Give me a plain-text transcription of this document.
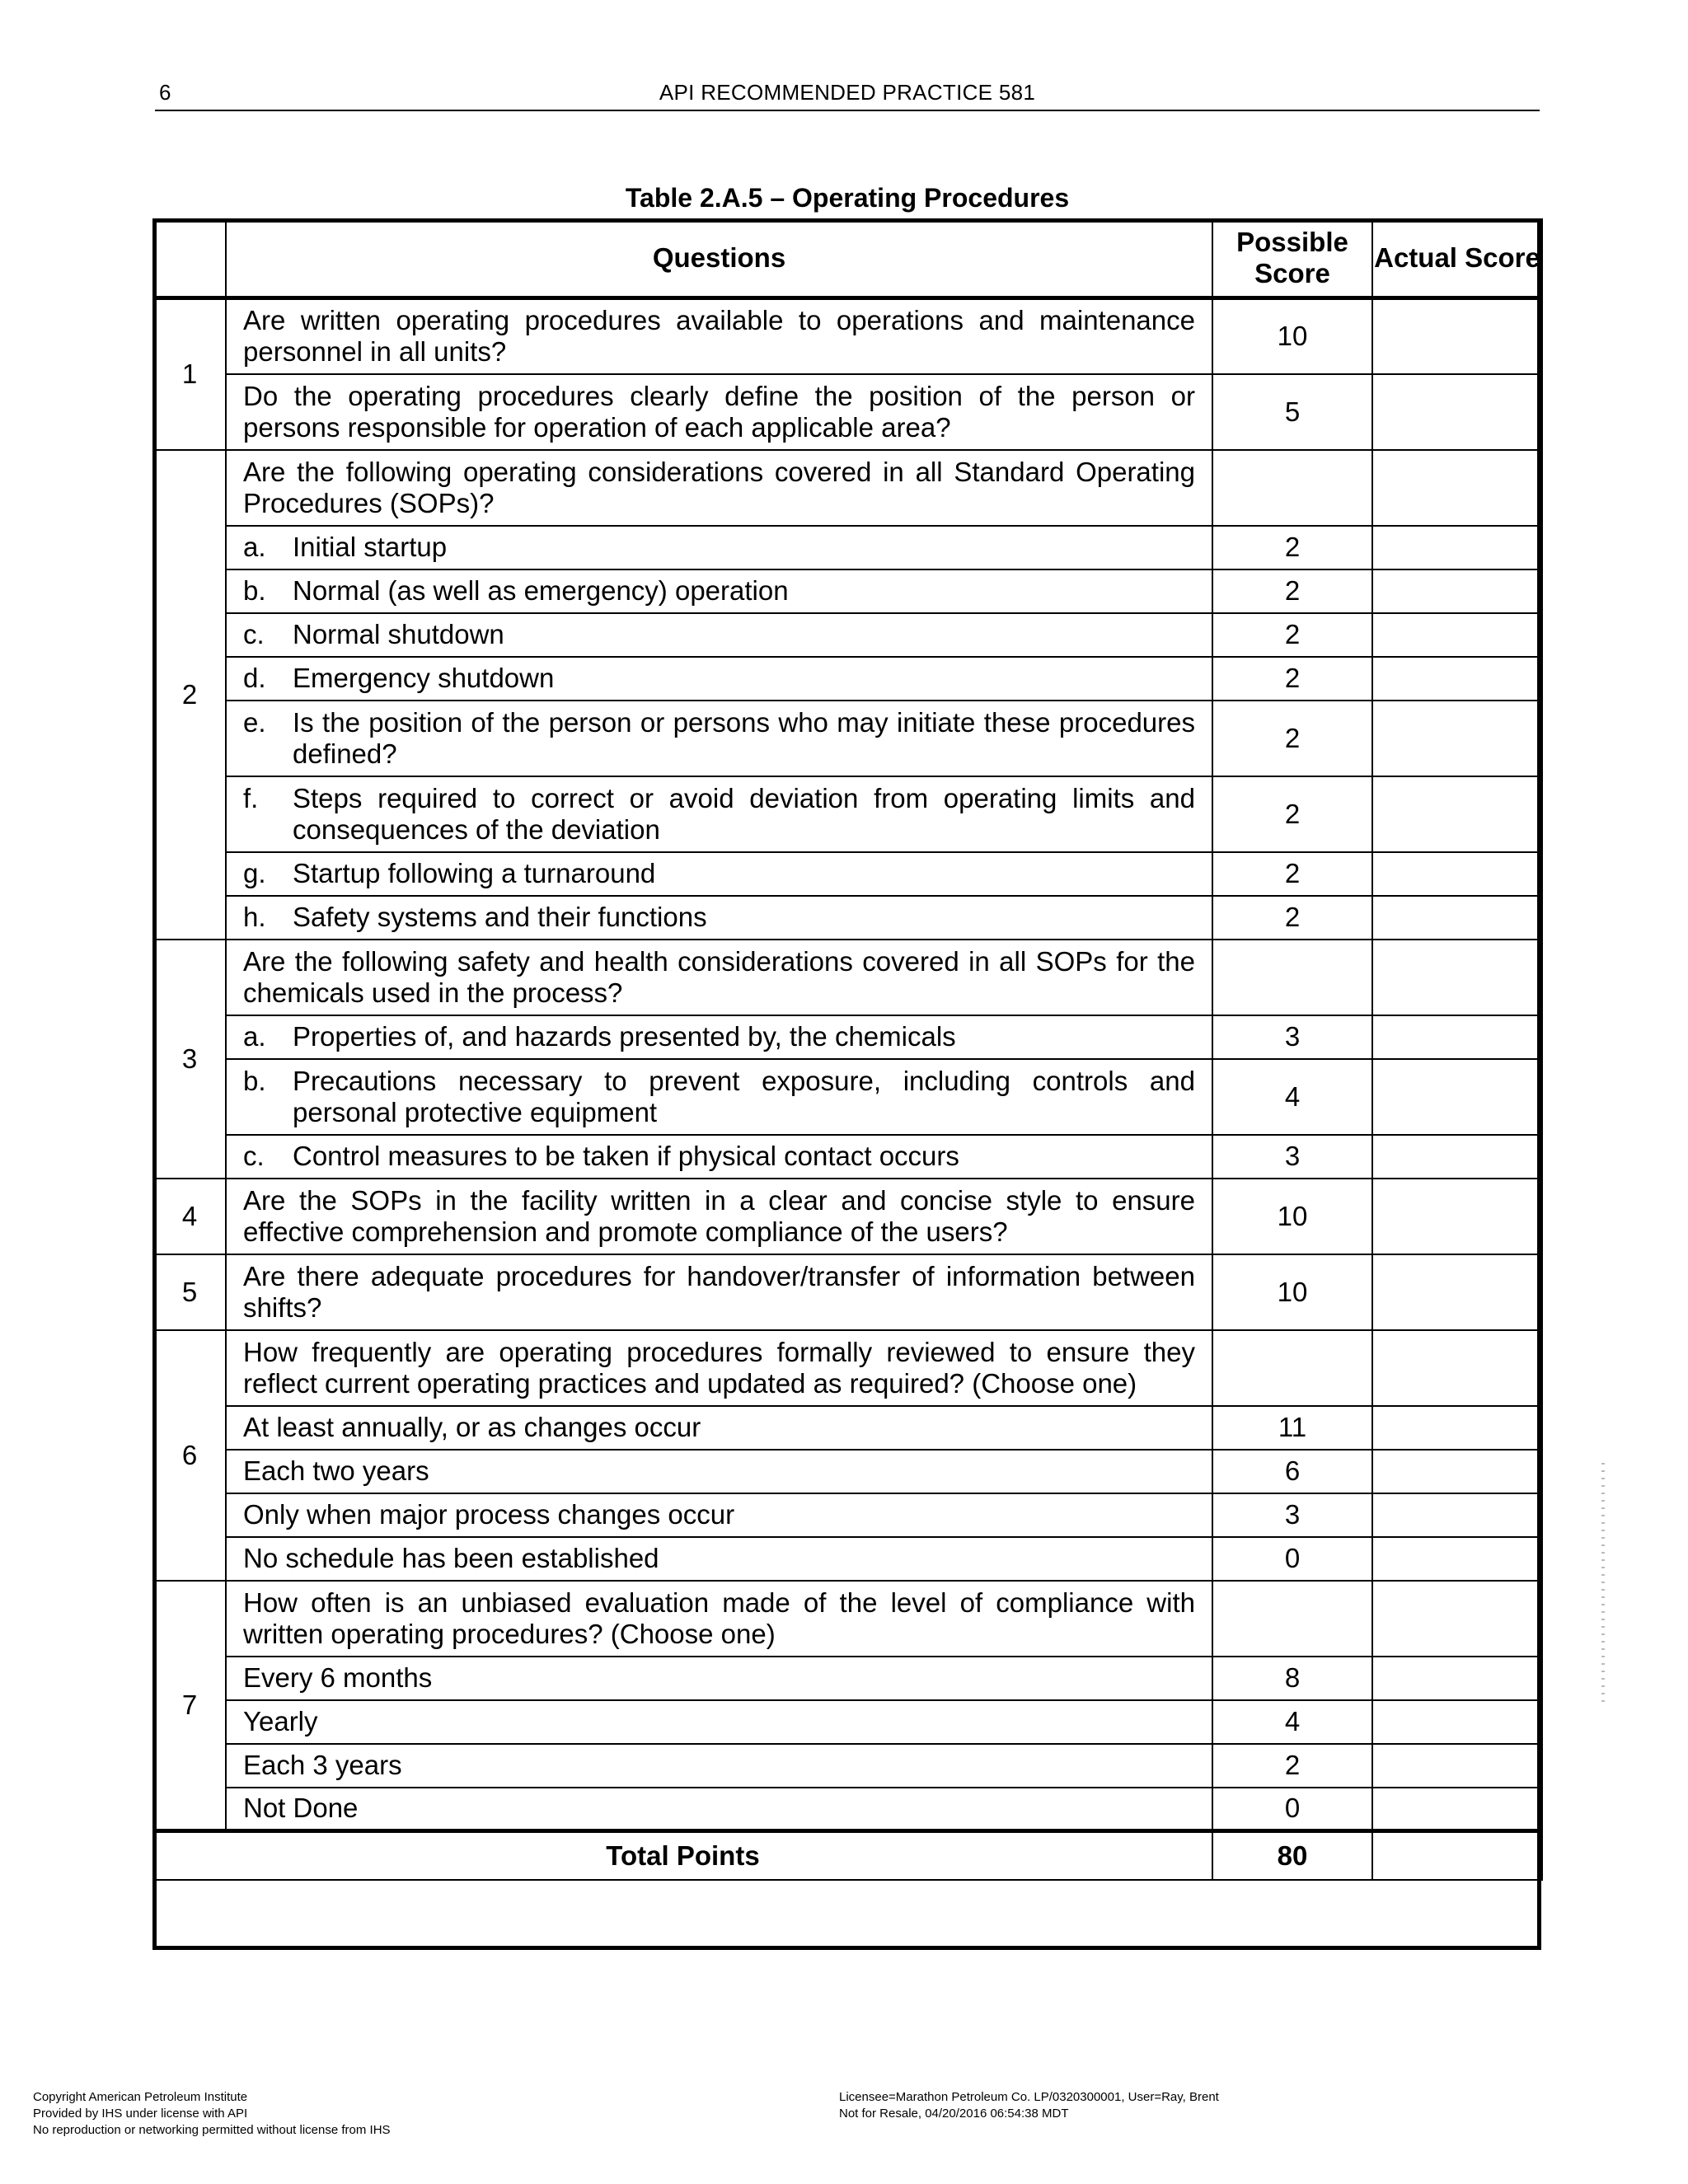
6	API RECOMMENDED PRACTICE 581
Table 2.A.5 – Operating Procedures
	Questions	Possible Score	Actual Score
1	Are written operating procedures available to operations and maintenance personnel in all units?	10	
	Do the operating procedures clearly define the position of the person or persons responsible for operation of each applicable area?	5	
2	Are the following operating considerations covered in all Standard Operating Procedures (SOPs)?		

	a. Initial startup	2	

	b. Normal (as well as emergency) operation	2	

	c. Normal shutdown	2	

	d. Emergency shutdown	2	

	e. Is the position of the person or persons who may initiate these procedures defined?	2	

	f. Steps required to correct or avoid deviation from operating limits and consequences of the deviation	2	

	g. Startup following a turnaround	2	

	h. Safety systems and their functions	2	
3	Are the following safety and health considerations covered in all SOPs for the chemicals used in the process?		

	a. Properties of, and hazards presented by, the chemicals	3	

	b. Precautions necessary to prevent exposure, including controls and personal protective equipment	4	

	c. Control measures to be taken if physical contact occurs	3	
4	Are the SOPs in the facility written in a clear and concise style to ensure effective comprehension and promote compliance of the users?	10	
5	Are there adequate procedures for handover/transfer of information between shifts?	10	
6	How frequently are operating procedures formally reviewed to ensure they reflect current operating practices and updated as required? (Choose one)		
	At least annually, or as changes occur	11	
	Each two years	6	
	Only when major process changes occur	3	
	No schedule has been established	0	
7	How often is an unbiased evaluation made of the level of compliance with written operating procedures? (Choose one)		
	Every 6 months	8	
	Yearly	4	
	Each 3 years	2	
	Not Done	0	
Total Points		80	
Copyright American Petroleum Institute
Provided by IHS under license with API
No reproduction or networking permitted without license from IHS
Licensee=Marathon Petroleum Co. LP/0320300001, User=Ray, Brent
Not for Resale, 04/20/2016 06:54:38 MDT
